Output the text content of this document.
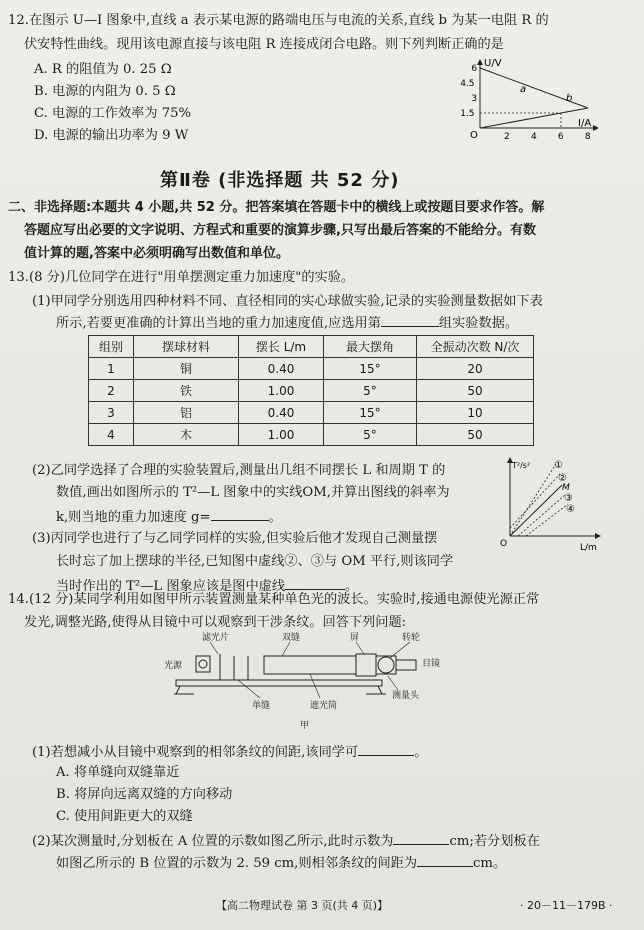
12.在图示 U—I 图象中,直线 a 表示某电源的路端电压与电流的关系,直线 b 为某一电阻 R 的
伏安特性曲线。现用该电源直接与该电阻 R 连接成闭合电路。则下列判断正确的是
A. R 的阻值为 0. 25 Ω
B. 电源的内阻为 0. 5 Ω
C. 电源的工作效率为 75%
D. 电源的输出功率为 9 W
U/V
I/A
O
6
4.5
3
1.5
2 4 6 8
a
b
第Ⅱ卷 (非选择题 共 52 分)
二、非选择题:本题共 4 小题,共 52 分。把答案填在答题卡中的横线上或按题目要求作答。解
答题应写出必要的文字说明、方程式和重要的演算步骤,只写出最后答案的不能给分。有数
值计算的题,答案中必须明确写出数值和单位。
13.(8 分)几位同学在进行"用单摆测定重力加速度"的实验。
(1)甲同学分别选用四种材料不同、直径相同的实心球做实验,记录的实验测量数据如下表
所示,若要更准确的计算出当地的重力加速度值,应选用第	组实验数据。
组别	摆球材料	摆长 L/m	最大摆角	全振动次数 N/次
1	铜	0.40	15°	20
2	铁	1.00	5°	50
3	铝	0.40	15°	10
4	木	1.00	5°	50
(2)乙同学选择了合理的实验装置后,测量出几组不同摆长 L 和周期 T 的
数值,画出如图所示的 T²—L 图象中的实线OM,并算出图线的斜率为
k,则当地的重力加速度 g=	。
(3)丙同学也进行了与乙同学同样的实验,但实验后他才发现自己测量摆
长时忘了加上摆球的半径,已知图中虚线②、③与 OM 平行,则该同学
当时作出的 T²—L 图象应该是图中虚线	。
T²/s²
L/m
O
①
②
M
③
④
14.(12 分)某同学利用如图甲所示装置测量某种单色光的波长。实验时,接通电源使光源正常
发光,调整光路,使得从目镜中可以观察到干涉条纹。回答下列问题:
滤光片	双缝	屏	转轮
光源	目镜
单缝	遮光筒
测量头
甲
(1)若想减小从目镜中观察到的相邻条纹的间距,该同学可	。
A. 将单缝向双缝靠近
B. 将屏向远离双缝的方向移动
C. 使用间距更大的双缝
(2)某次测量时,分划板在 A 位置的示数如图乙所示,此时示数为	cm;若分划板在
如图乙所示的 B 位置的示数为 2. 59 cm,则相邻条纹的间距为	cm。
【高二物理试卷 第 3 页(共 4 页)】	· 20－11－179B ·
